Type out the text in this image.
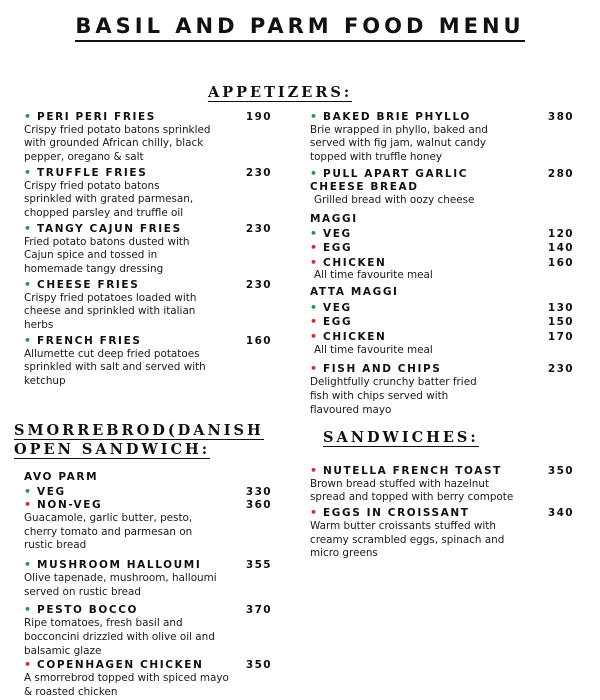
BASIL AND PARM FOOD MENU
APPETIZERS:
• PERI PERI FRIES	190
Crispy fried potato batons sprinkled
with grounded African chilly, black
pepper, oregano & salt
• TRUFFLE FRIES	230
Crispy fried potato batons
sprinkled with grated parmesan,
chopped parsley and truffle oil
• TANGY CAJUN FRIES	230
Fried potato batons dusted with
Cajun spice and tossed in
homemade tangy dressing
• CHEESE FRIES	230
Crispy fried potatoes loaded with
cheese and sprinkled with italian
herbs
• FRENCH FRIES	160
Allumette cut deep fried potatoes
sprinkled with salt and served with
ketchup
• BAKED BRIE PHYLLO	380
Brie wrapped in phyllo, baked and
served with fig jam, walnut candy
topped with truffle honey
• PULL APART GARLIC	280
CHEESE BREAD
Grilled bread with oozy cheese
MAGGI
• VEG	120
• EGG	140
• CHICKEN	160
All time favourite meal
ATTA MAGGI
• VEG	130
• EGG	150
• CHICKEN	170
All time favourite meal
• FISH AND CHIPS	230
Delightfully crunchy batter fried
fish with chips served with
flavoured mayo
SMORREBROD(DANISH
OPEN SANDWICH:
SANDWICHES:
AVO PARM
• VEG	330
• NON-VEG	360
Guacamole, garlic butter, pesto,
cherry tomato and parmesan on
rustic bread
• MUSHROOM HALLOUMI	355
Olive tapenade, mushroom, halloumi
served on rustic bread
• PESTO BOCCO	370
Ripe tomatoes, fresh basil and
bocconcini drizzled with olive oil and
balsamic glaze
• COPENHAGEN CHICKEN	350
A smorrebrod topped with spiced mayo
& roasted chicken
• NUTELLA FRENCH TOAST	350
Brown bread stuffed with hazelnut
spread and topped with berry compote
• EGGS IN CROISSANT	340
Warm butter croissants stuffed with
creamy scrambled eggs, spinach and
micro greens
